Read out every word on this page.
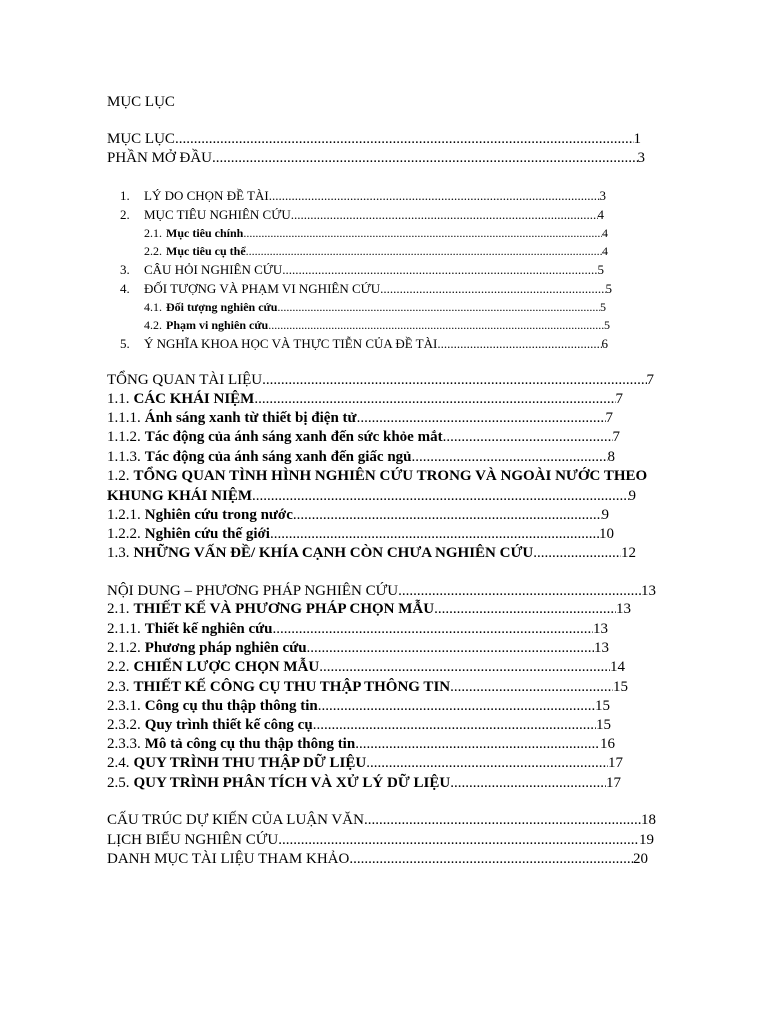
MỤC LỤC
MỤC LỤC .....	1
PHẦN MỞ ĐẦU .....	3
1.	LÝ DO CHỌN ĐỀ TÀI .....	3
2.	MỤC TIÊU NGHIÊN CỨU .....	4
2.1. Mục tiêu chính .....	4
2.2. Mục tiêu cụ thể .....	4
3.	CÂU HỎI NGHIÊN CỨU .....	5
4.	ĐỐI TƯỢNG VÀ PHẠM VI NGHIÊN CỨU .....	5
4.1. Đối tượng nghiên cứu .....	5
4.2. Phạm vi nghiên cứu .....	5
5.	Ý NGHĨA KHOA HỌC VÀ THỰC TIỄN CỦA ĐỀ TÀI .....	6
TỔNG QUAN TÀI LIỆU .....	7
1.1. CÁC KHÁI NIỆM .....	7
1.1.1. Ánh sáng xanh từ thiết bị điện tử .....	7
1.1.2. Tác động của ánh sáng xanh đến sức khỏe mắt .....	7
1.1.3. Tác động của ánh sáng xanh đến giấc ngủ .....	8
1.2. TỔNG QUAN TÌNH HÌNH NGHIÊN CỨU TRONG VÀ NGOÀI NƯỚC THEO
KHUNG KHÁI NIỆM .....	9
1.2.1. Nghiên cứu trong nước .....	9
1.2.2. Nghiên cứu thế giới .....	10
1.3. NHỮNG VẤN ĐỀ/ KHÍA CẠNH CÒN CHƯA NGHIÊN CỨU .....	12
NỘI DUNG – PHƯƠNG PHÁP NGHIÊN CỨU .....	13
2.1. THIẾT KẾ VÀ PHƯƠNG PHÁP CHỌN MẪU .....	13
2.1.1. Thiết kế nghiên cứu .....	13
2.1.2. Phương pháp nghiên cứu .....	13
2.2. CHIẾN LƯỢC CHỌN MẪU .....	14
2.3. THIẾT KẾ CÔNG CỤ THU THẬP THÔNG TIN .....	15
2.3.1. Công cụ thu thập thông tin .....	15
2.3.2. Quy trình thiết kế công cụ .....	15
2.3.3. Mô tả công cụ thu thập thông tin .....	16
2.4. QUY TRÌNH THU THẬP DỮ LIỆU .....	17
2.5. QUY TRÌNH PHÂN TÍCH VÀ XỬ LÝ DỮ LIỆU .....	17
CẤU TRÚC DỰ KIẾN CỦA LUẬN VĂN .....	18
LỊCH BIỂU NGHIÊN CỨU .....	19
DANH MỤC TÀI LIỆU THAM KHẢO .....	20
